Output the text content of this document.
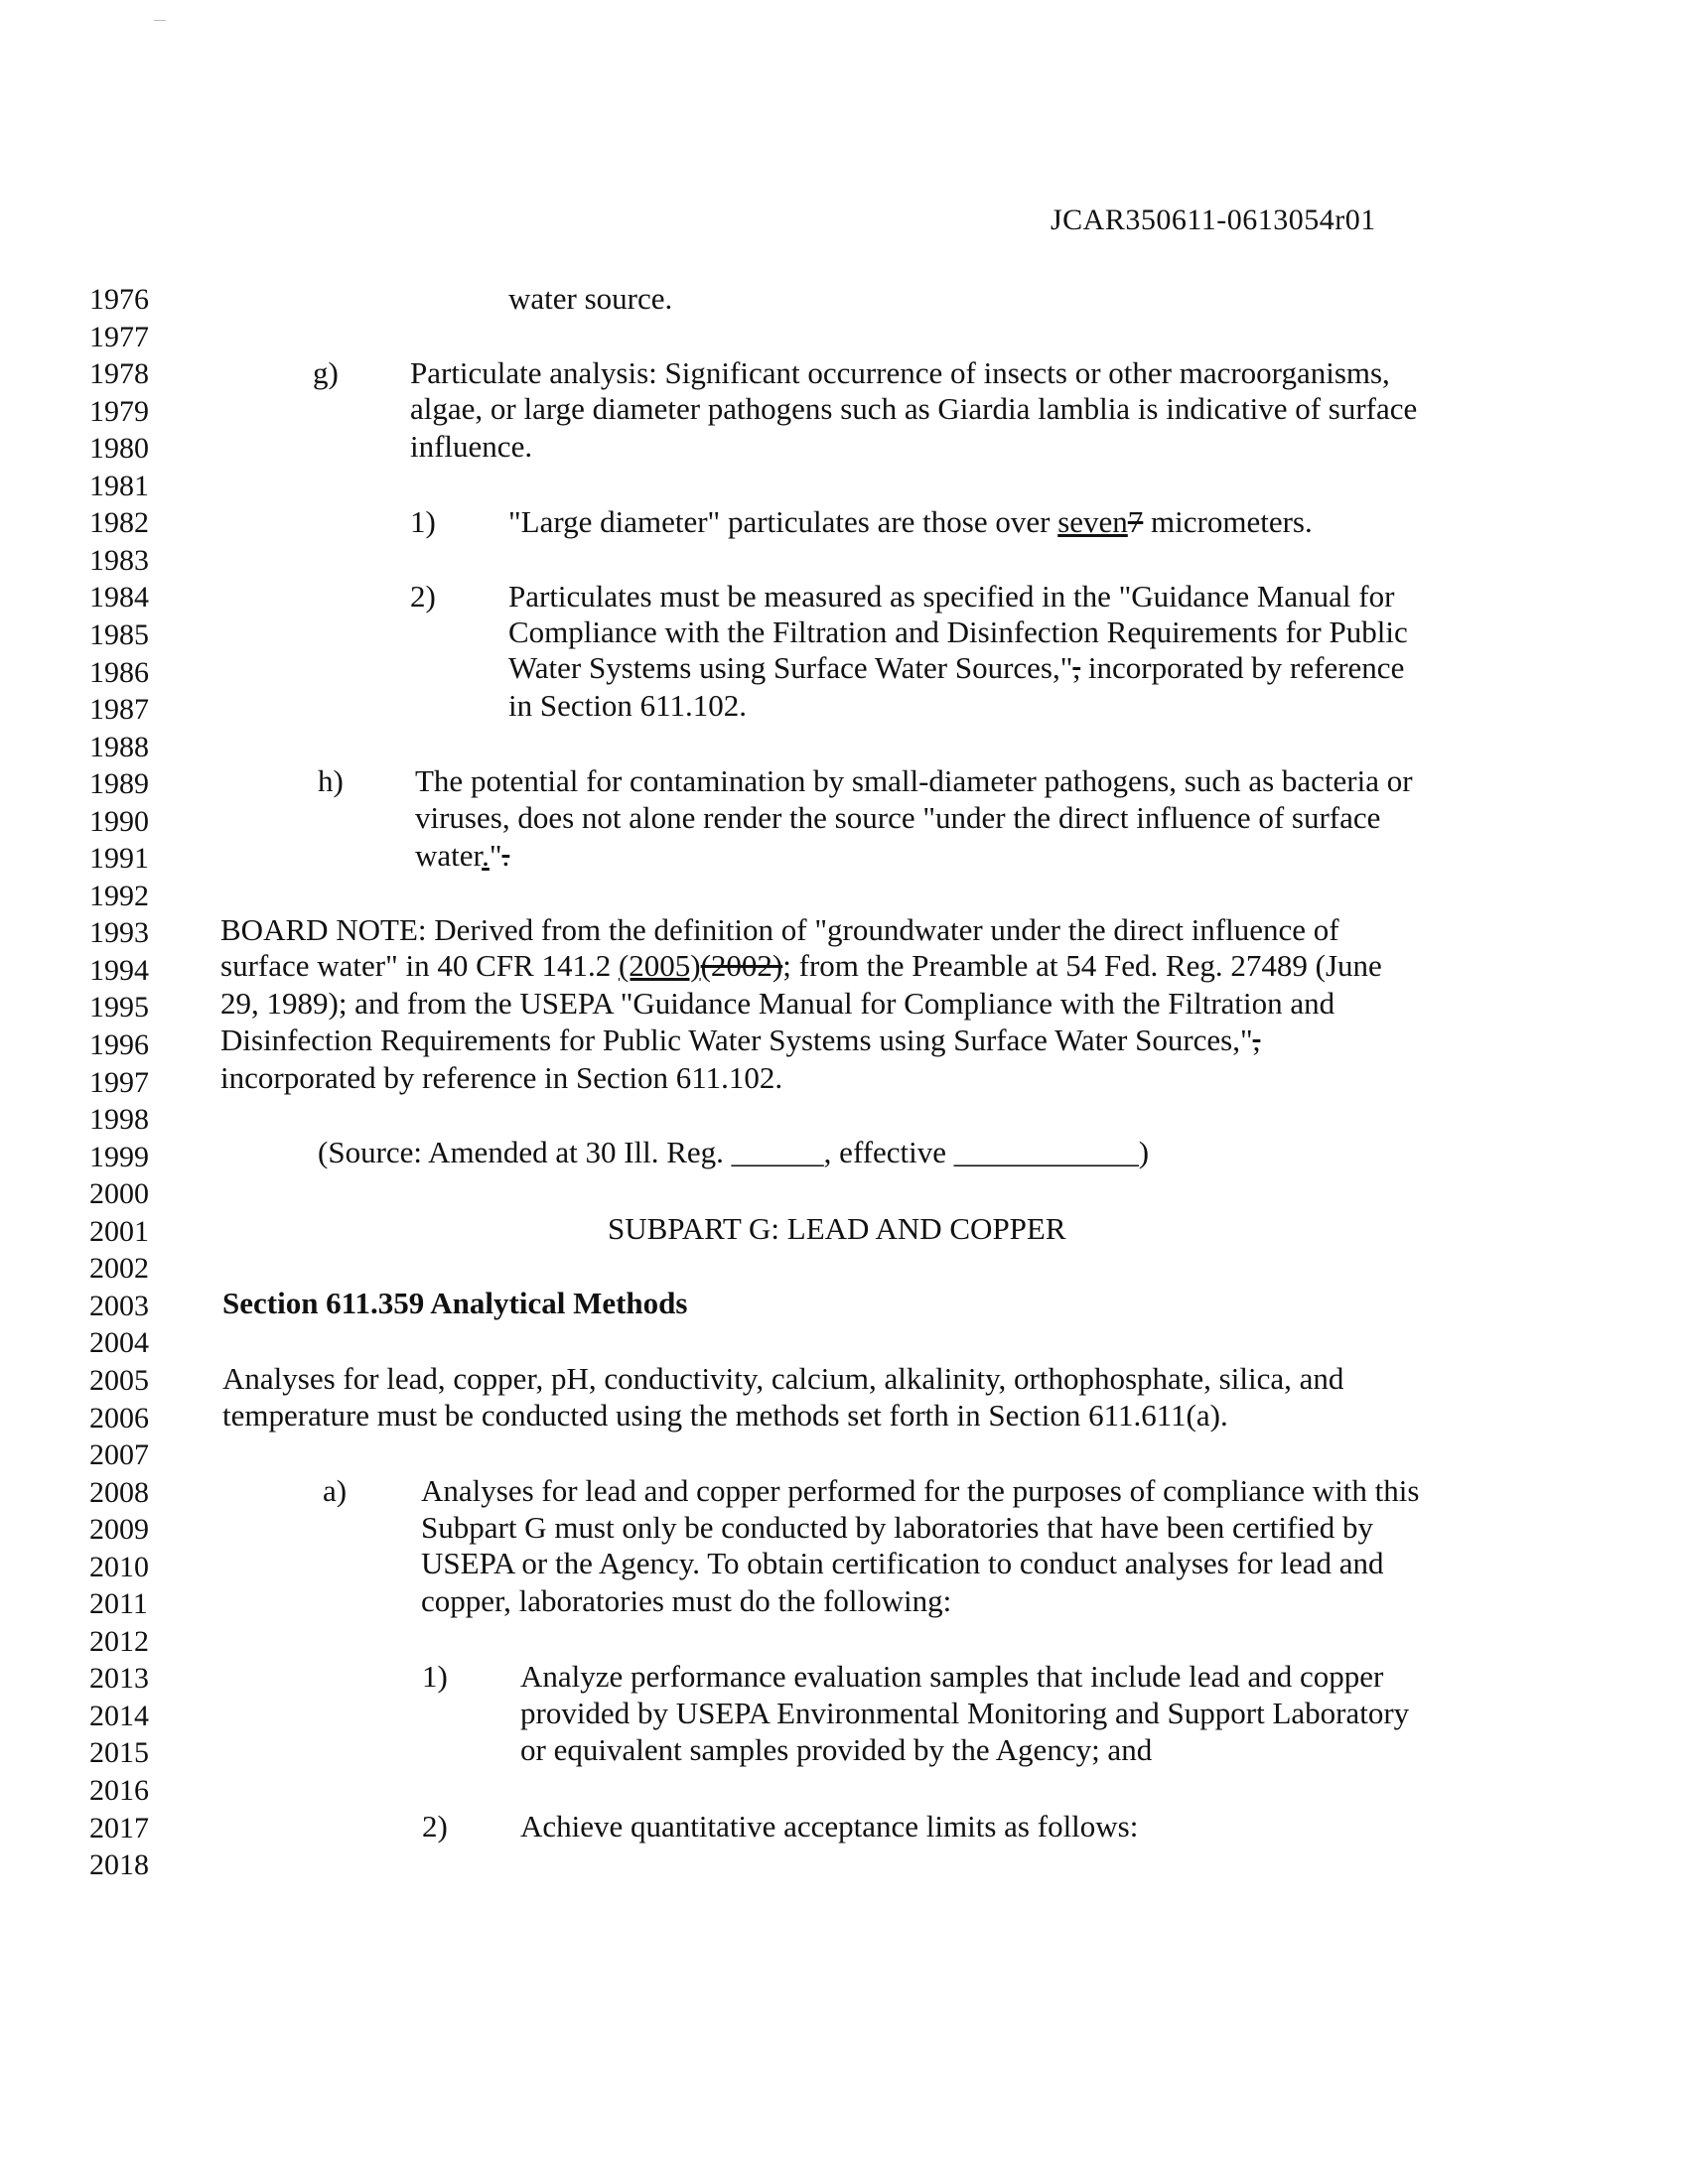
JCAR350611-0613054r01
1976
1977
1978
1979
1980
1981
1982
1983
1984
1985
1986
1987
1988
1989
1990
1991
1992
1993
1994
1995
1996
1997
1998
1999
2000
2001
2002
2003
2004
2005
2006
2007
2008
2009
2010
2011
2012
2013
2014
2015
2016
2017
2018
water source.
g) Particulate analysis: Significant occurrence of insects or other macroorganisms,
algae, or large diameter pathogens such as Giardia lamblia is indicative of surface
influence.
1) "Large diameter" particulates are those over seven7 micrometers.
2) Particulates must be measured as specified in the "Guidance Manual for
Compliance with the Filtration and Disinfection Requirements for Public
Water Systems using Surface Water Sources,", incorporated by reference
in Section 611.102.
h) The potential for contamination by small-diameter pathogens, such as bacteria or
viruses, does not alone render the source "under the direct influence of surface
water.".
BOARD NOTE: Derived from the definition of "groundwater under the direct influence of
surface water" in 40 CFR 141.2 (2005)(2002); from the Preamble at 54 Fed. Reg. 27489 (June
29, 1989); and from the USEPA "Guidance Manual for Compliance with the Filtration and
Disinfection Requirements for Public Water Systems using Surface Water Sources,",
incorporated by reference in Section 611.102.
(Source: Amended at 30 Ill. Reg. ______, effective ____________)
SUBPART G: LEAD AND COPPER
Section 611.359 Analytical Methods
Analyses for lead, copper, pH, conductivity, calcium, alkalinity, orthophosphate, silica, and
temperature must be conducted using the methods set forth in Section 611.611(a).
a) Analyses for lead and copper performed for the purposes of compliance with this
Subpart G must only be conducted by laboratories that have been certified by
USEPA or the Agency. To obtain certification to conduct analyses for lead and
copper, laboratories must do the following:
1) Analyze performance evaluation samples that include lead and copper
provided by USEPA Environmental Monitoring and Support Laboratory
or equivalent samples provided by the Agency; and
2) Achieve quantitative acceptance limits as follows:
